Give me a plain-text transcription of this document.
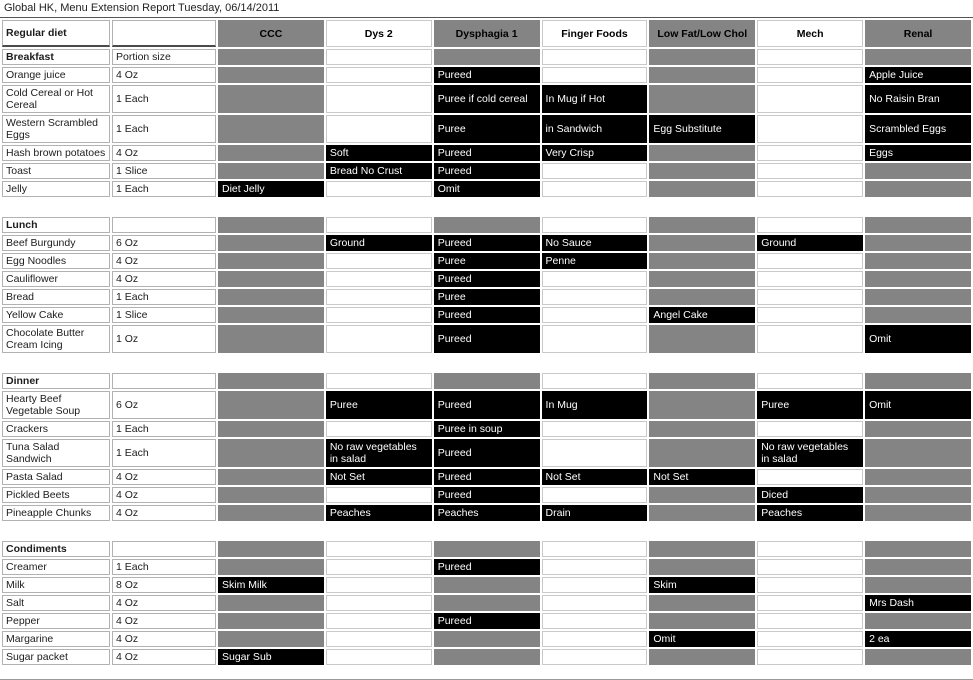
Global HK, Menu Extension Report Tuesday, 06/14/2011
Regular diet		CCC	Dys 2	Dysphagia 1	Finger Foods	Low Fat/Low Chol	Mech	Renal
Breakfast	Portion size							
Orange juice	4 Oz			Pureed				Apple Juice
Cold Cereal or Hot Cereal	1 Each			Puree if cold cereal	In Mug if Hot			No Raisin Bran
Western Scrambled Eggs	1 Each			Puree	in Sandwich	Egg Substitute		Scrambled Eggs
Hash brown potatoes	4 Oz		Soft	Pureed	Very Crisp			Eggs
Toast	1 Slice		Bread No Crust	Pureed				
Jelly	1 Each	Diet Jelly		Omit				

Lunch								
Beef Burgundy	6 Oz		Ground	Pureed	No Sauce		Ground	
Egg Noodles	4 Oz			Puree	Penne			
Cauliflower	4 Oz			Pureed				
Bread	1 Each			Puree				
Yellow Cake	1 Slice			Pureed		Angel Cake		
Chocolate Butter Cream Icing	1 Oz			Pureed				Omit

Dinner								
Hearty Beef Vegetable Soup	6 Oz		Puree	Pureed	In Mug		Puree	Omit
Crackers	1 Each			Puree in soup				
Tuna Salad Sandwich	1 Each		No raw vegetables in salad	Pureed			No raw vegetables in salad	
Pasta Salad	4 Oz		Not Set	Pureed	Not Set	Not Set		
Pickled Beets	4 Oz			Pureed			Diced	
Pineapple Chunks	4 Oz		Peaches	Peaches	Drain		Peaches	

Condiments								
Creamer	1 Each			Pureed				
Milk	8 Oz	Skim Milk				Skim		
Salt	4 Oz							Mrs Dash
Pepper	4 Oz			Pureed				
Margarine	4 Oz					Omit		2 ea
Sugar packet	4 Oz	Sugar Sub						
